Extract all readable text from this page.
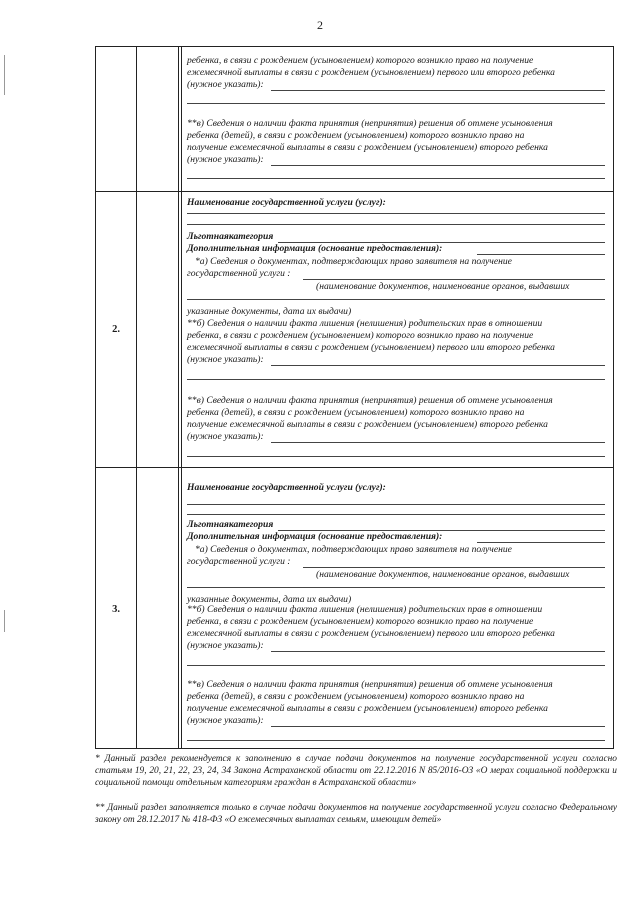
2
ребенка, в связи с рождением (усыновлением) которого возникло право на получение
ежемесячной выплаты в связи с рождением (усыновлением) первого или второго ребенка
(нужное указать):
**в) Сведения о наличии факта принятия (непринятия) решения об отмене усыновления
ребенка (детей), в связи с рождением (усыновлением) которого возникло право на
получение ежемесячной выплаты в связи с рождением (усыновлением) второго ребенка
(нужное указать):
2.
Наименование государственной услуги (услуг):
Льготнаякатегория
Дополнительная информация (основание предоставления):
*а) Сведения о документах, подтверждающих право заявителя на получение
государственной услуги :
(наименование документов, наименование органов, выдавших
указанные документы, дата их выдачи)
**б) Сведения о наличии факта лишения (нелишения) родительских прав в отношении
ребенка, в связи с рождением (усыновлением) которого возникло право на получение
ежемесячной выплаты в связи с рождением (усыновлением) первого или второго ребенка
(нужное указать):
**в) Сведения о наличии факта принятия (непринятия) решения об отмене усыновления
ребенка (детей), в связи с рождением (усыновлением) которого возникло право на
получение ежемесячной выплаты в связи с рождением (усыновлением) второго ребенка
(нужное указать):
3.
Наименование государственной услуги (услуг):
Льготнаякатегория
Дополнительная информация (основание предоставления):
*а) Сведения о документах, подтверждающих право заявителя на получение
государственной услуги :
(наименование документов, наименование органов, выдавших
указанные документы, дата их выдачи)
**б) Сведения о наличии факта лишения (нелишения) родительских прав в отношении
ребенка, в связи с рождением (усыновлением) которого возникло право на получение
ежемесячной выплаты в связи с рождением (усыновлением) первого или второго ребенка
(нужное указать):
**в) Сведения о наличии факта принятия (непринятия) решения об отмене усыновления
ребенка (детей), в связи с рождением (усыновлением) которого возникло право на
получение ежемесячной выплаты в связи с рождением (усыновлением) второго ребенка
(нужное указать):
* Данный раздел рекомендуется к заполнению в случае подачи документов на получение государственной услуги согласно статьям 19, 20, 21, 22, 23, 24, 34 Закона Астраханской области от 22.12.2016 N 85/2016-ОЗ «О мерах социальной поддержки и социальной помощи отдельным категориям граждан в Астраханской области»
** Данный раздел заполняется только в случае подачи документов на получение государственной услуги согласно Федеральному закону от 28.12.2017 № 418-ФЗ «О ежемесячных выплатах семьям, имеющим детей»
